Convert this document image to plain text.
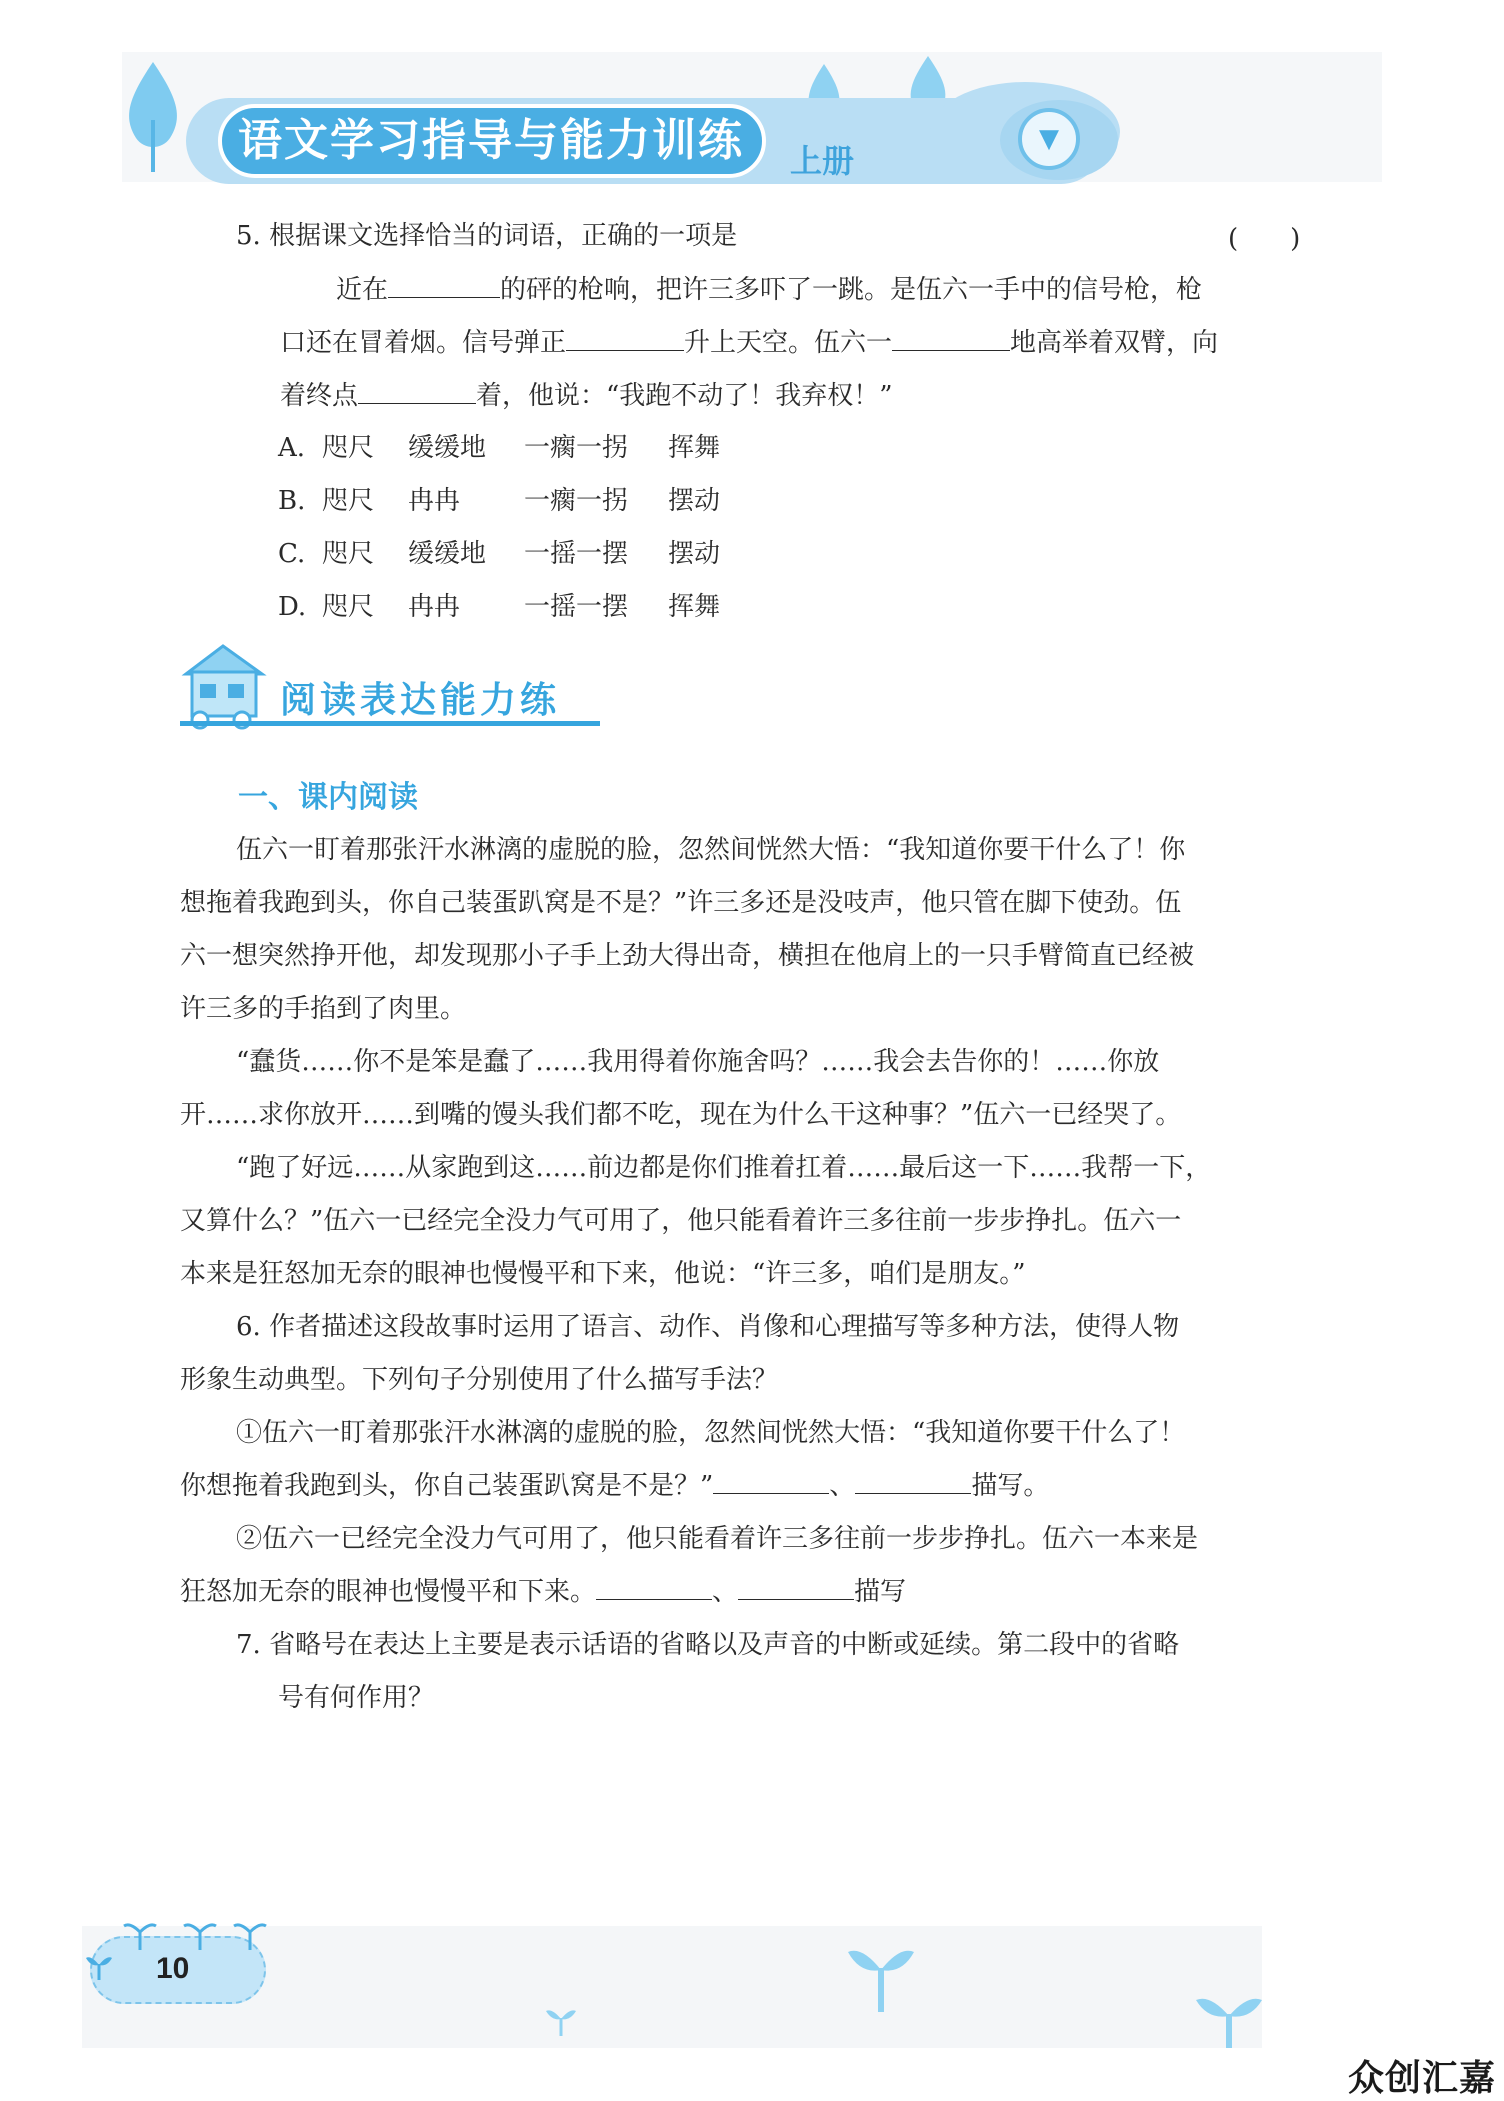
语文学习指导与能力训练	上册
▼
5. 根据课文选择恰当的词语，正确的一项是	(　　)
近在	的砰的枪响，把许三多吓了一跳。是伍六一手中的信号枪，枪
口还在冒着烟。信号弹正	升上天空。伍六一	地高举着双臂，向
着终点	着，他说：“我跑不动了！我弃权！”
A. 咫尺 缓缓地 一瘸一拐 挥舞
B. 咫尺 冉冉 一瘸一拐 摆动
C. 咫尺 缓缓地 一摇一摆 摆动
D. 咫尺 冉冉 一摇一摆 挥舞
阅读表达能力练
一、课内阅读
伍六一盯着那张汗水淋漓的虚脱的脸，忽然间恍然大悟：“我知道你要干什么了！你
想拖着我跑到头，你自己装蛋趴窝是不是？”许三多还是没吱声，他只管在脚下使劲。伍
六一想突然挣开他，却发现那小子手上劲大得出奇，横担在他肩上的一只手臂简直已经被
许三多的手掐到了肉里。
“蠢货……你不是笨是蠢了……我用得着你施舍吗？……我会去告你的！……你放
开……求你放开……到嘴的馒头我们都不吃，现在为什么干这种事？”伍六一已经哭了。
“跑了好远……从家跑到这……前边都是你们推着扛着……最后这一下……我帮一下，
又算什么？”伍六一已经完全没力气可用了，他只能看着许三多往前一步步挣扎。伍六一
本来是狂怒加无奈的眼神也慢慢平和下来，他说：“许三多，咱们是朋友。”
6. 作者描述这段故事时运用了语言、动作、肖像和心理描写等多种方法，使得人物
形象生动典型。下列句子分别使用了什么描写手法？
①伍六一盯着那张汗水淋漓的虚脱的脸，忽然间恍然大悟：“我知道你要干什么了！
你想拖着我跑到头，你自己装蛋趴窝是不是？”	、	描写。
②伍六一已经完全没力气可用了，他只能看着许三多往前一步步挣扎。伍六一本来是
狂怒加无奈的眼神也慢慢平和下来。	、	描写
7. 省略号在表达上主要是表示话语的省略以及声音的中断或延续。第二段中的省略
号有何作用？
10
众创汇嘉
